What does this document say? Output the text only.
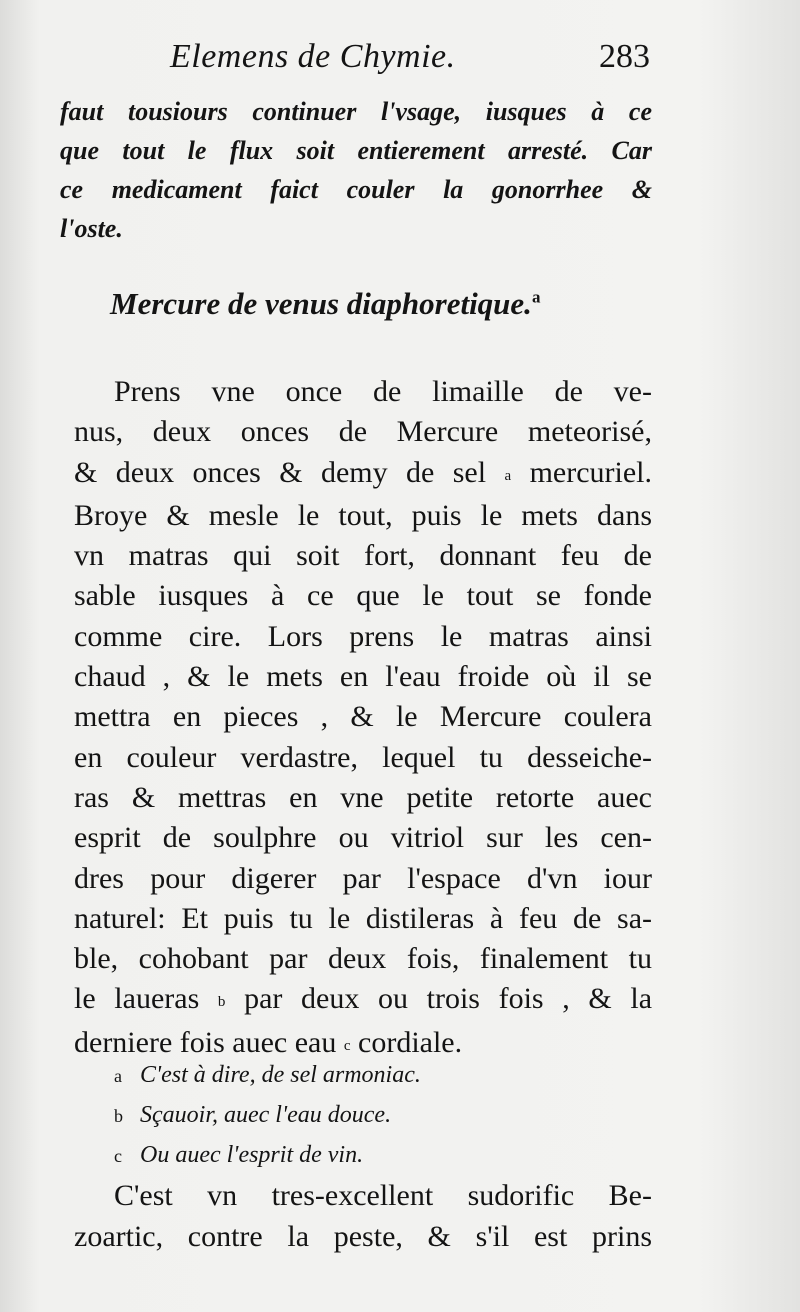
Elemens de Chymie.	283
faut tousiours continuer l'vsage, iusques à ce
que tout le flux soit entierement arresté. Car
ce medicament faict couler la gonorrhee &
l'oste.
Mercure de venus diaphoretique.$^a$
Prens vne once de limaille de ve-
nus, deux onces de Mercure meteorisé,
& deux onces & demy de sel a mercuriel.
Broye & mesle le tout, puis le mets dans
vn matras qui soit fort, donnant feu de
sable iusques à ce que le tout se fonde
comme cire. Lors prens le matras ainsi
chaud , & le mets en l'eau froide où il se
mettra en pieces , & le Mercure coulera
en couleur verdastre, lequel tu desseiche-
ras & mettras en vne petite retorte auec
esprit de soulphre ou vitriol sur les cen-
dres pour digerer par l'espace d'vn iour
naturel: Et puis tu le distileras à feu de sa-
ble, cohobant par deux fois, finalement tu
le laueras b par deux ou trois fois , & la
derniere fois auec eau c cordiale.
a C'est à dire, de sel armoniac.
b Sçauoir, auec l'eau douce.
c Ou auec l'esprit de vin.
C'est vn tres-excellent sudorific Be-
zoartic, contre la peste, & s'il est prins
